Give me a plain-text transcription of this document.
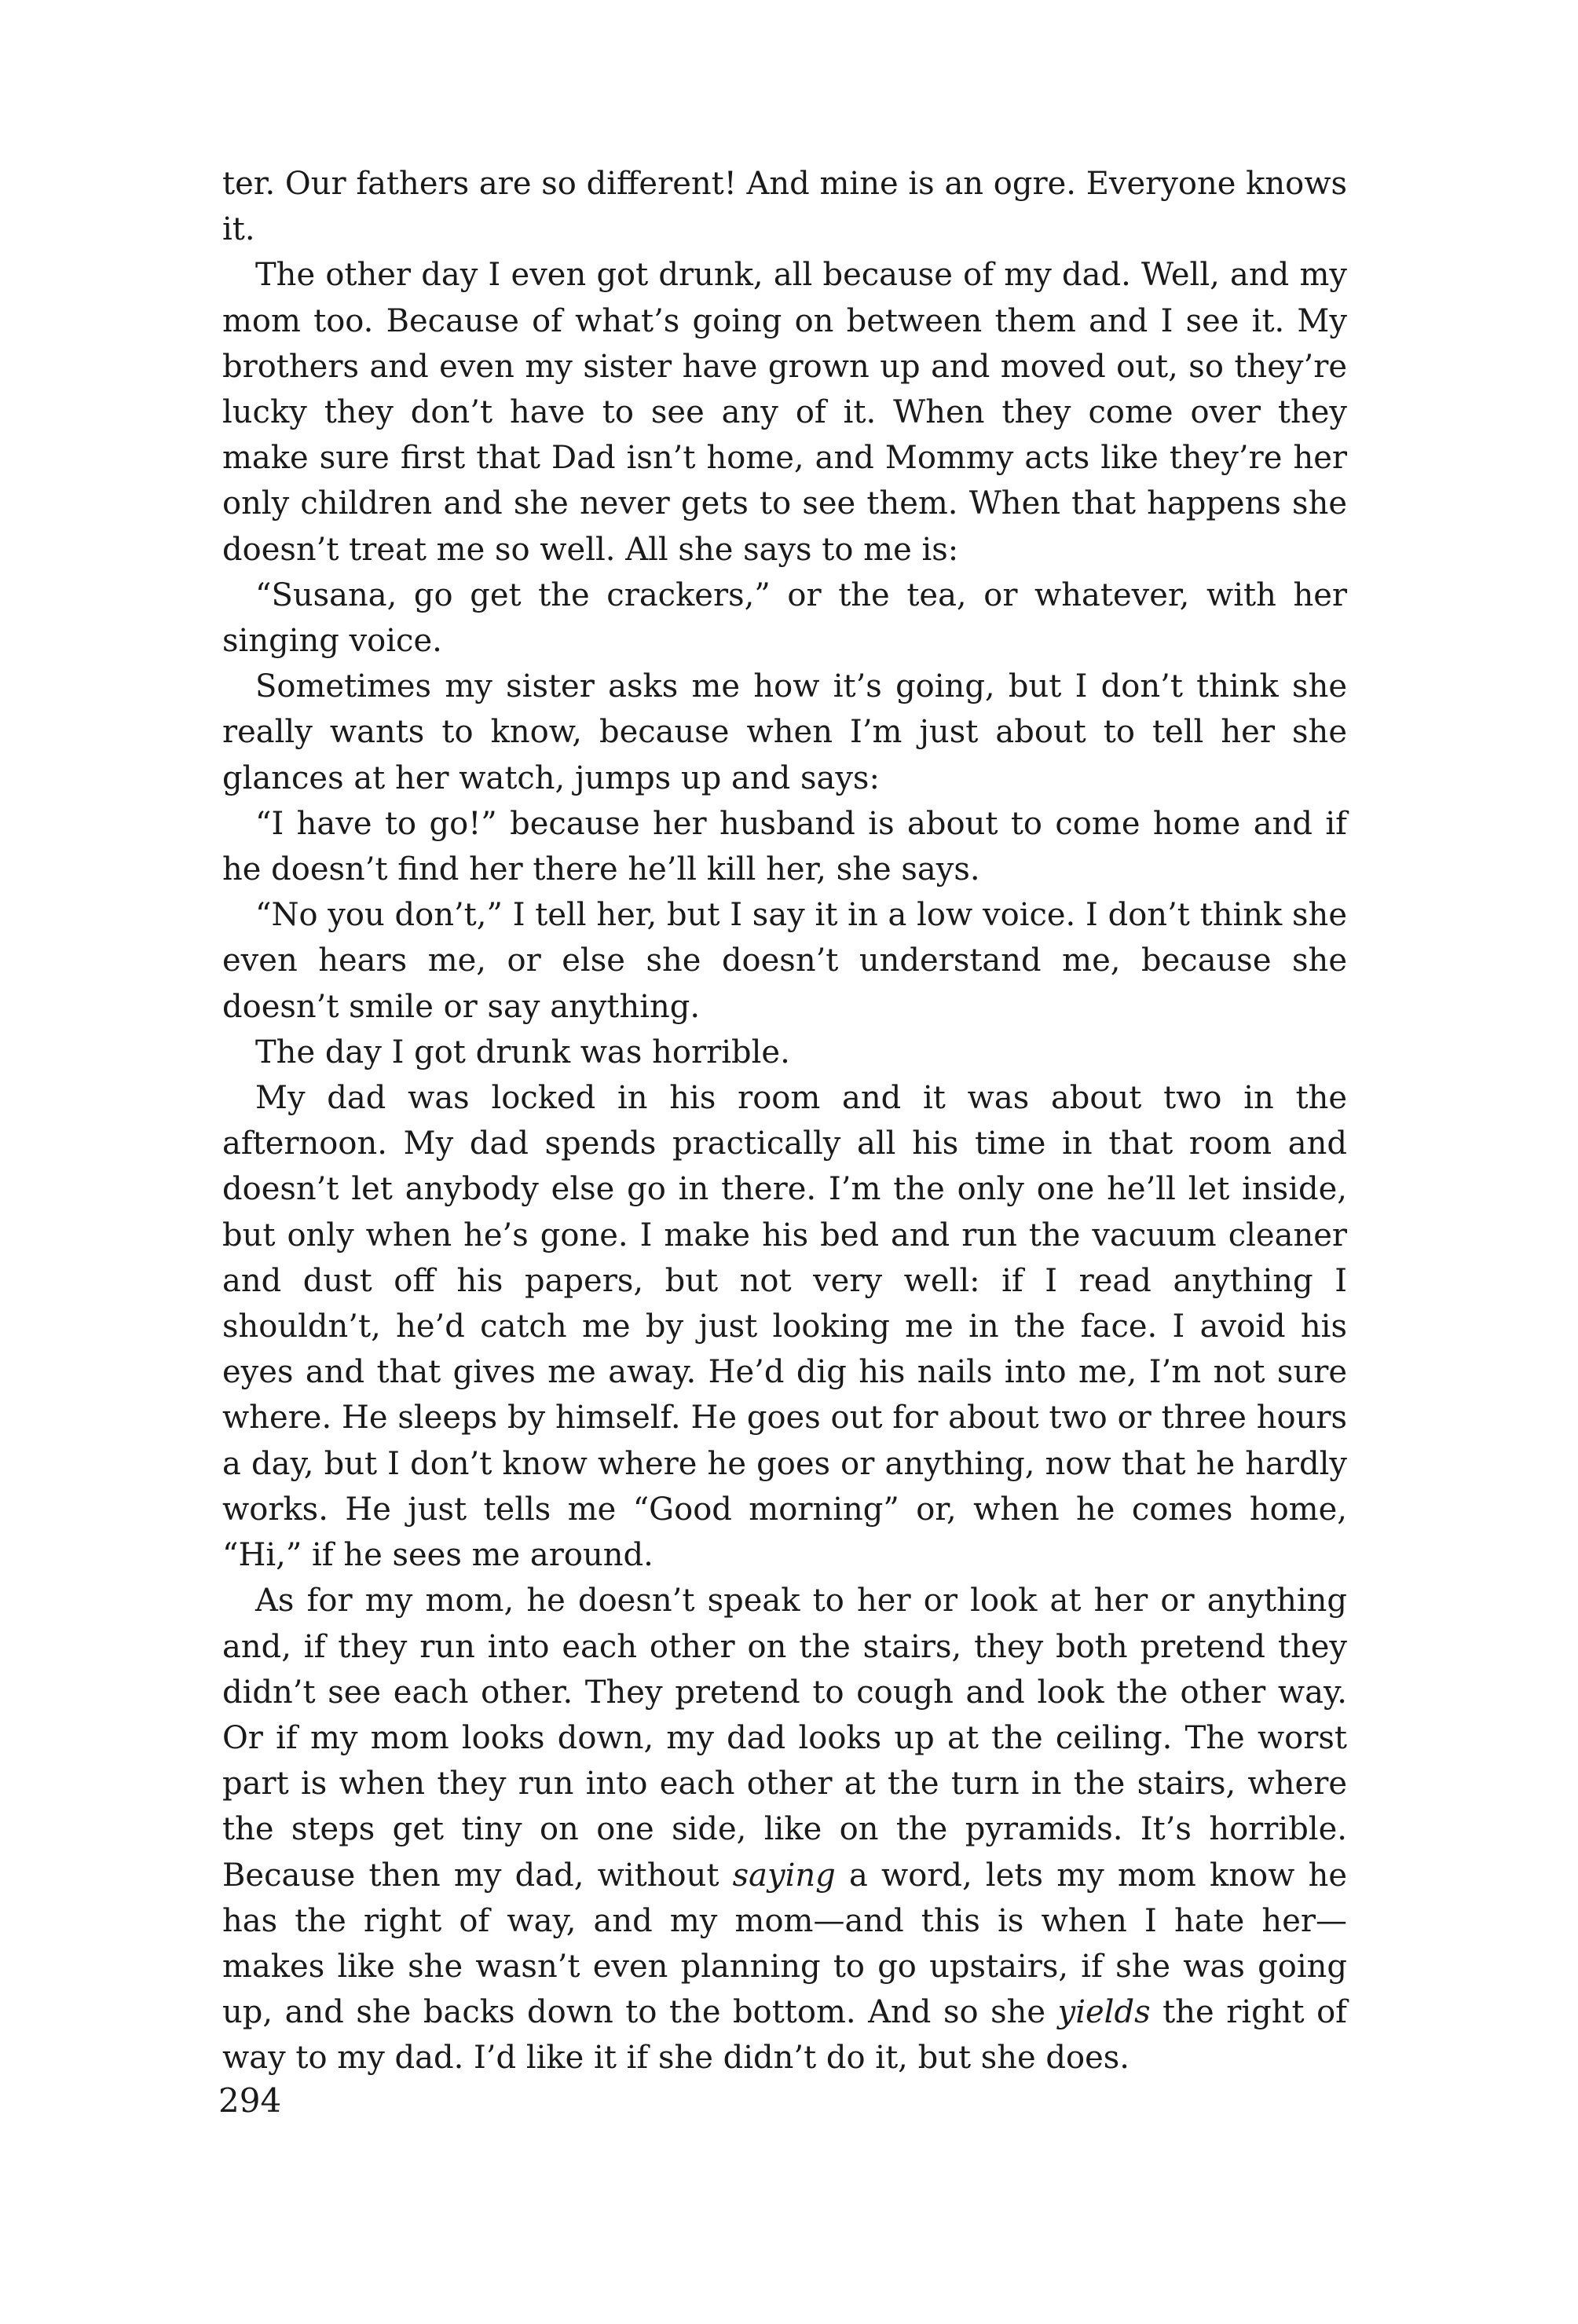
ter. Our fathers are so different! And mine is an ogre. Everyone knows it.

The other day I even got drunk, all because of my dad. Well, and my mom too. Because of what’s going on between them and I see it. My brothers and even my sister have grown up and moved out, so they’re lucky they don’t have to see any of it. When they come over they make sure first that Dad isn’t home, and Mommy acts like they’re her only children and she never gets to see them. When that happens she doesn’t treat me so well. All she says to me is:

“Susana, go get the crackers,” or the tea, or whatever, with her singing voice.

Sometimes my sister asks me how it’s going, but I don’t think she really wants to know, because when I’m just about to tell her she glances at her watch, jumps up and says:

“I have to go!” because her husband is about to come home and if he doesn’t find her there he’ll kill her, she says.

“No you don’t,” I tell her, but I say it in a low voice. I don’t think she even hears me, or else she doesn’t understand me, because she doesn’t smile or say anything.

The day I got drunk was horrible.

My dad was locked in his room and it was about two in the afternoon. My dad spends practically all his time in that room and doesn’t let anybody else go in there. I’m the only one he’ll let inside, but only when he’s gone. I make his bed and run the vacuum cleaner and dust off his papers, but not very well: if I read anything I shouldn’t, he’d catch me by just looking me in the face. I avoid his eyes and that gives me away. He’d dig his nails into me, I’m not sure where. He sleeps by himself. He goes out for about two or three hours a day, but I don’t know where he goes or anything, now that he hardly works. He just tells me “Good morning” or, when he comes home, “Hi,” if he sees me around.

As for my mom, he doesn’t speak to her or look at her or anything and, if they run into each other on the stairs, they both pretend they didn’t see each other. They pretend to cough and look the other way. Or if my mom looks down, my dad looks up at the ceiling. The worst part is when they run into each other at the turn in the stairs, where the steps get tiny on one side, like on the pyramids. It’s horrible. Because then my dad, without saying a word, lets my mom know he has the right of way, and my mom—and this is when I hate her—makes like she wasn’t even planning to go upstairs, if she was going up, and she backs down to the bottom. And so she yields the right of way to my dad. I’d like it if she didn’t do it, but she does.

294
